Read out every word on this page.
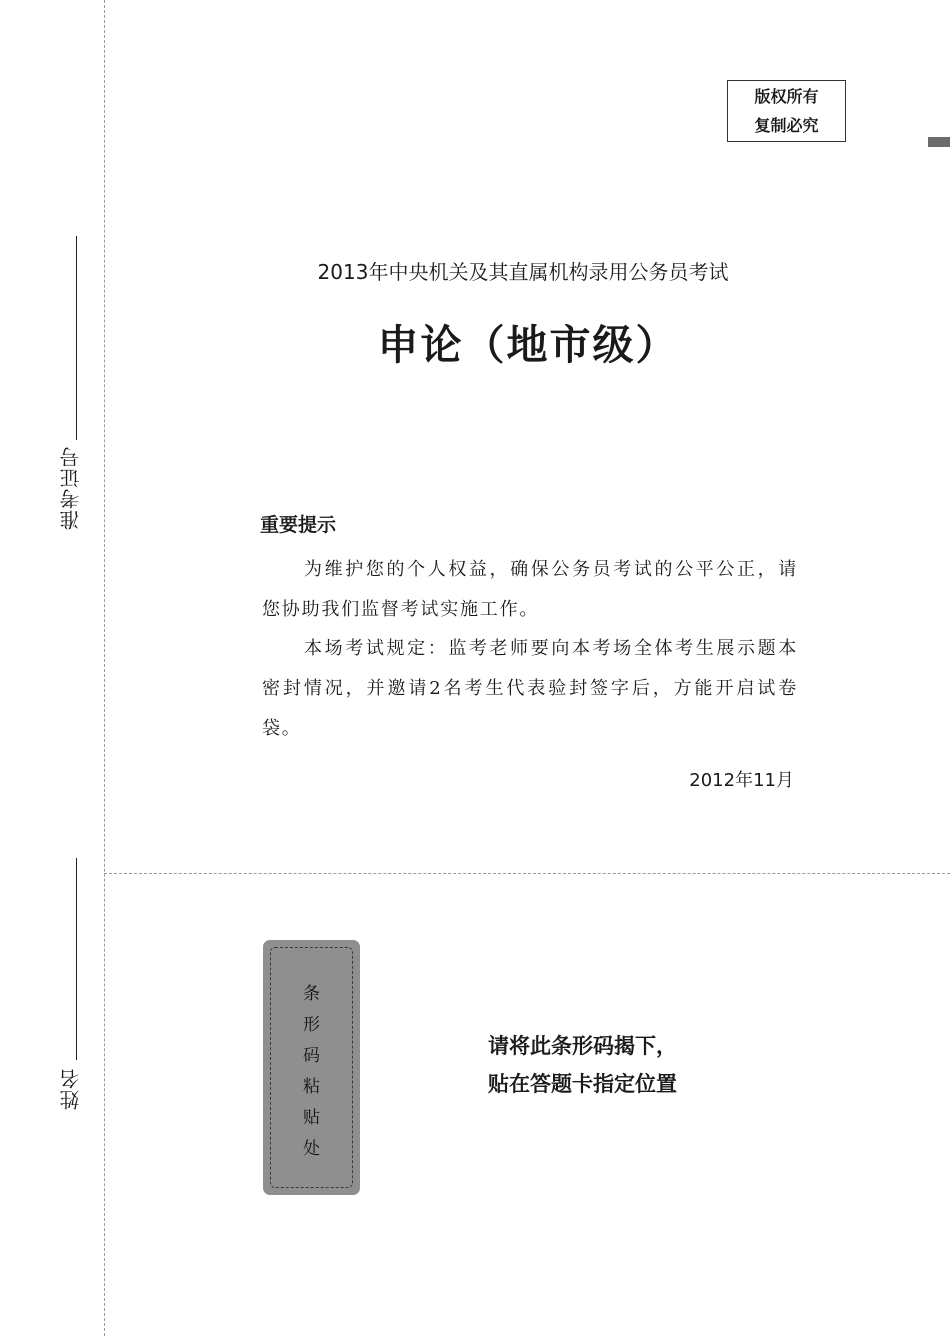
准考证号
姓名
版权所有
复制必究
2013年中央机关及其直属机构录用公务员考试
申论（地市级）
重要提示
为维护您的个人权益，确保公务员考试的公平公正，请您协助我们监督考试实施工作。
本场考试规定：监考老师要向本考场全体考生展示题本密封情况，并邀请2名考生代表验封签字后，方能开启试卷袋。
2012年11月
条
形
码
粘
贴
处
请将此条形码揭下，
贴在答题卡指定位置
